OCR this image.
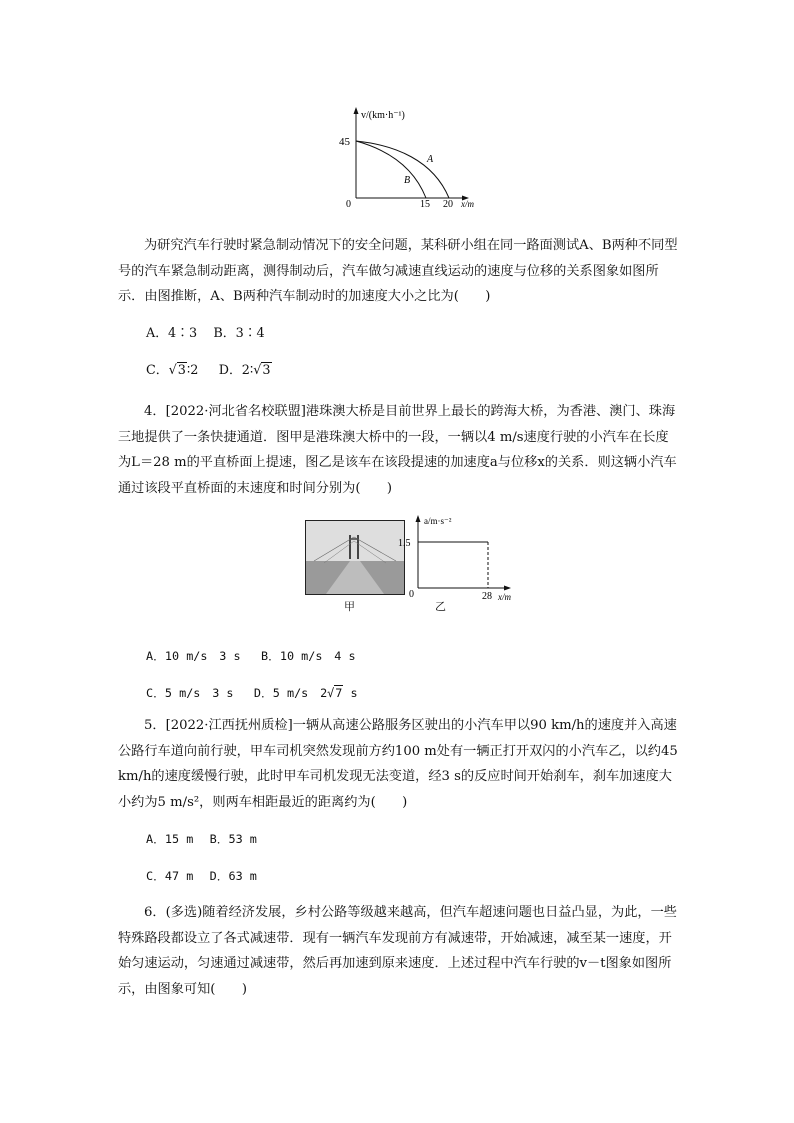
v/(km·h⁻¹)
45
0	15 20 x/m
A
B

为研究汽车行驶时紧急制动情况下的安全问题，某科研小组在同一路面测试A、B两种不同型号的汽车紧急制动距离，测得制动后，汽车做匀减速直线运动的速度与位移的关系图象如图所示．由图推断，A、B两种汽车制动时的加速度大小之比为(　　)

A．4∶3 B．3∶4
C．√3∶2 D．2∶√3

4．[2022·河北省名校联盟]港珠澳大桥是目前世界上最长的跨海大桥，为香港、澳门、珠海三地提供了一条快捷通道．图甲是港珠澳大桥中的一段，一辆以4 m/s速度行驶的小汽车在长度为L＝28 m的平直桥面上提速，图乙是该车在该段提速的加速度a与位移x的关系．则这辆小汽车通过该段平直桥面的末速度和时间分别为(　　)

甲
a/m·s⁻²
1.5
0	28 x/m
乙
A．10 m/s　3 s B．10 m/s　4 s
C．5 m/s　3 s D．5 m/s　2√7 s

5．[2022·江西抚州质检]一辆从高速公路服务区驶出的小汽车甲以90 km/h的速度并入高速公路行车道向前行驶，甲车司机突然发现前方约100 m处有一辆正打开双闪的小汽车乙，以约45 km/h的速度缓慢行驶，此时甲车司机发现无法变道，经3 s的反应时间开始刹车，刹车加速度大小约为5 m/s²，则两车相距最近的距离约为(　　)

A．15 m B．53 m
C．47 m D．63 m

6．(多选)随着经济发展，乡村公路等级越来越高，但汽车超速问题也日益凸显，为此，一些特殊路段都设立了各式减速带．现有一辆汽车发现前方有减速带，开始减速，减至某一速度，开始匀速运动，匀速通过减速带，然后再加速到原来速度．上述过程中汽车行驶的v－t图象如图所示，由图象可知(　　)
